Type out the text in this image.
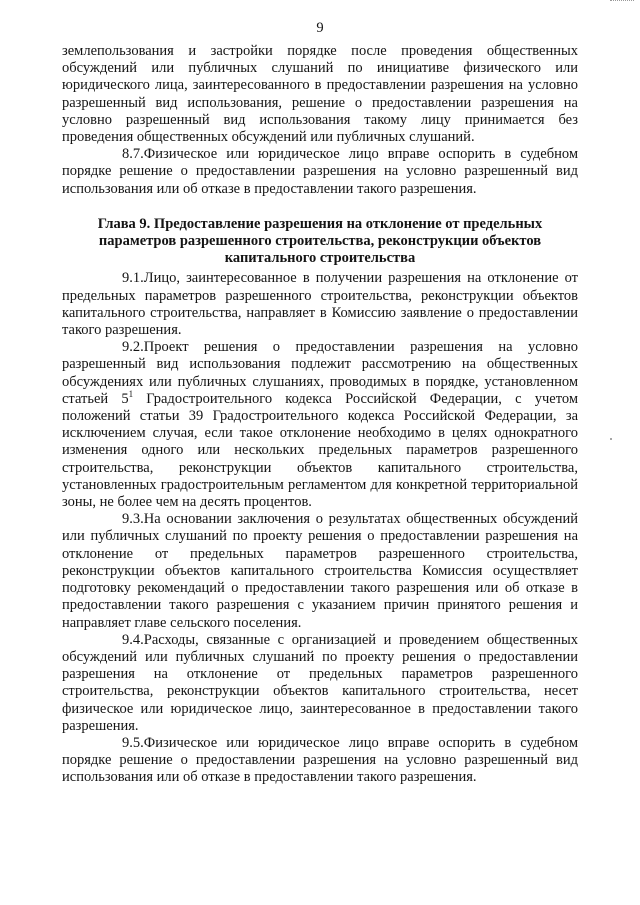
9

землепользования и застройки порядке после проведения общественных обсуждений или публичных слушаний по инициативе физического или юридического лица, заинтересованного в предоставлении разрешения на условно разрешенный вид использования, решение о предоставлении разрешения на условно разрешенный вид использования такому лицу принимается без проведения общественных обсуждений или публичных слушаний.

8.7.Физическое или юридическое лицо вправе оспорить в судебном порядке решение о предоставлении разрешения на условно разрешенный вид использования или об отказе в предоставлении такого разрешения.

Глава 9. Предоставление разрешения на отклонение от предельных параметров разрешенного строительства, реконструкции объектов капитального строительства

9.1.Лицо, заинтересованное в получении разрешения на отклонение от предельных параметров разрешенного строительства, реконструкции объектов капитального строительства, направляет в Комиссию заявление о предоставлении такого разрешения.

9.2.Проект решения о предоставлении разрешения на условно разрешенный вид использования подлежит рассмотрению на общественных обсуждениях или публичных слушаниях, проводимых в порядке, установленном статьей $5^1$ Градостроительного кодекса Российской Федерации, с учетом положений статьи 39 Градостроительного кодекса Российской Федерации, за исключением случая, если такое отклонение необходимо в целях однократного изменения одного или нескольких предельных параметров разрешенного строительства, реконструкции объектов капитального строительства, установленных градостроительным регламентом для конкретной территориальной зоны, не более чем на десять процентов.

9.3.На основании заключения о результатах общественных обсуждений или публичных слушаний по проекту решения о предоставлении разрешения на отклонение от предельных параметров разрешенного строительства, реконструкции объектов капитального строительства Комиссия осуществляет подготовку рекомендаций о предоставлении такого разрешения или об отказе в предоставлении такого разрешения с указанием причин принятого решения и направляет главе сельского поселения.

9.4.Расходы, связанные с организацией и проведением общественных обсуждений или публичных слушаний по проекту решения о предоставлении разрешения на отклонение от предельных параметров разрешенного строительства, реконструкции объектов капитального строительства, несет физическое или юридическое лицо, заинтересованное в предоставлении такого разрешения.

9.5.Физическое или юридическое лицо вправе оспорить в судебном порядке решение о предоставлении разрешения на условно разрешенный вид использования или об отказе в предоставлении такого разрешения.
